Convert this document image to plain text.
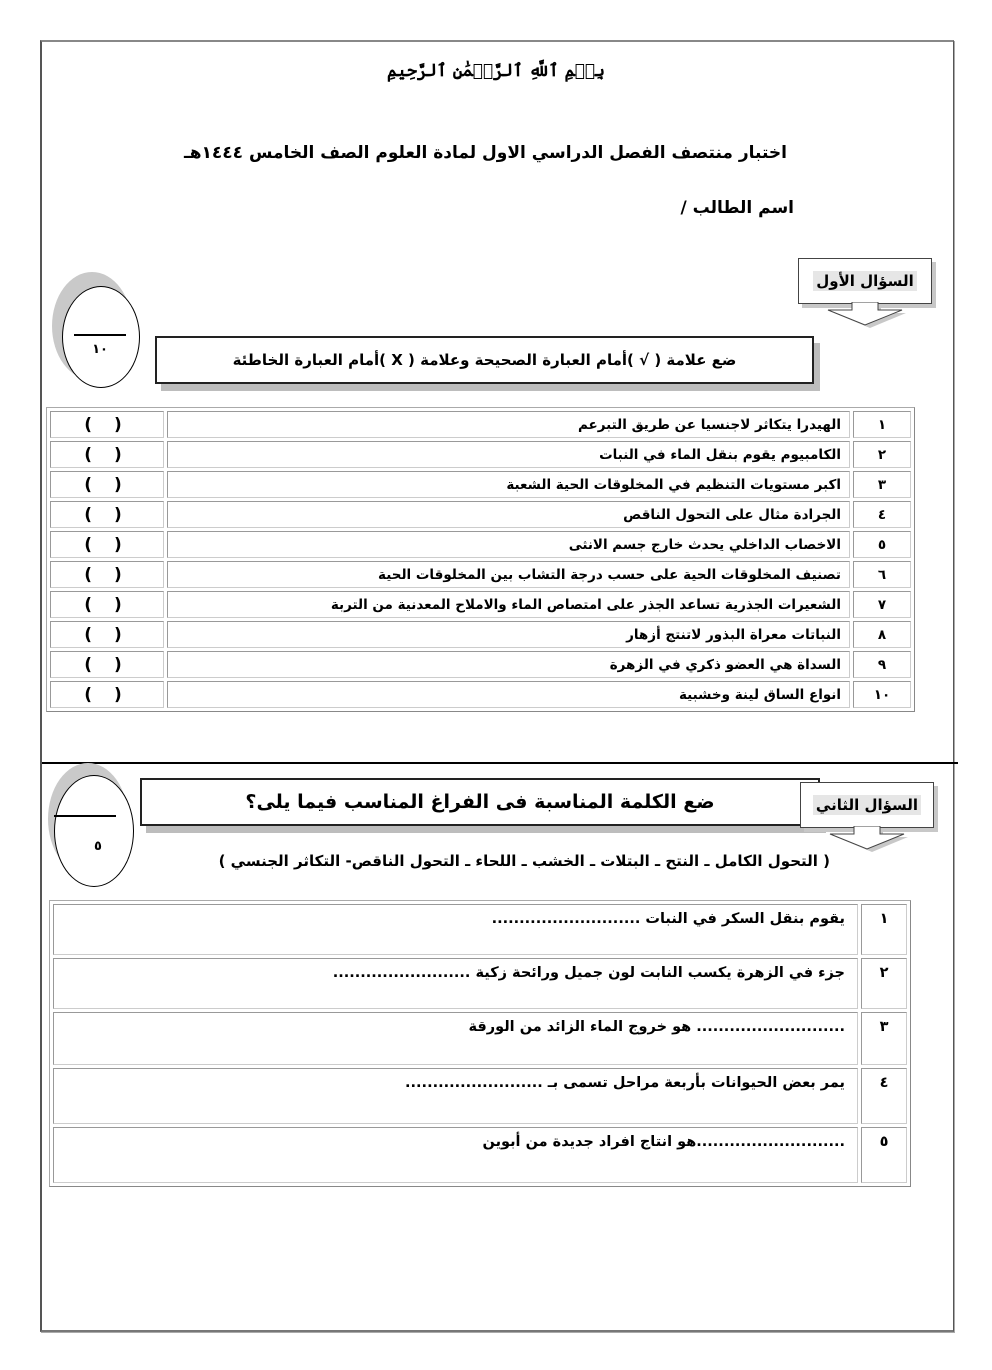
بِسۡمِ ٱللَّهِ ٱلرَّحۡمَٰنِ ٱلرَّحِيمِ
اختبار منتصف الفصل الدراسي الاول لمادة العلوم الصف الخامس ١٤٤٤هـ
اسم الطالب /
السؤال الأول
١٠
ضع علامة ( √ )أمام العبارة الصحيحة وعلامة ( X )أمام العبارة الخاطئة
١	الهيدرا يتكاثر لاجنسيا عن طريق التبرعم	( )
٢	الكامبيوم يقوم بنقل الماء في النبات	( )
٣	اكبر مستويات التنظيم في المخلوقات الحية الشعبة	( )
٤	الجرادة مثال على التحول الناقص	( )
٥	الاخصاب الداخلي يحدث خارج جسم الانثى	( )
٦	تصنيف المخلوقات الحية على حسب درجة التشاب بين المخلوقات الحية	( )
٧	الشعيرات الجذرية تساعد الجذر على امتصاص الماء والاملاح المعدنية من التربة	( )
٨	النباتات معراة البذور لاتنتج أزهار	( )
٩	السداة هي العضو ذكري في الزهرة	( )
١٠	انواع الساق لينة وخشبية	( )
٥
ضع الكلمة المناسبة فى الفراغ المناسب فيما يلى؟	السؤال الثاني
( التحول الكامل ـ النتح ـ البتلات ـ الخشب ـ اللحاء ـ التحول الناقص- التكاثر الجنسي )
١	يقوم بنقل السكر في النبات ...........................
٢	جزء في الزهرة يكسب النابت لون جميل ورائحة زكية .........................
٣	........................... هو خروج الماء الزائد من الورقة
٤	يمر بعض الحيوانات بأربعة مراحل تسمى بـ .........................
٥	...........................هو انتاج افراد جديدة من أبوين
